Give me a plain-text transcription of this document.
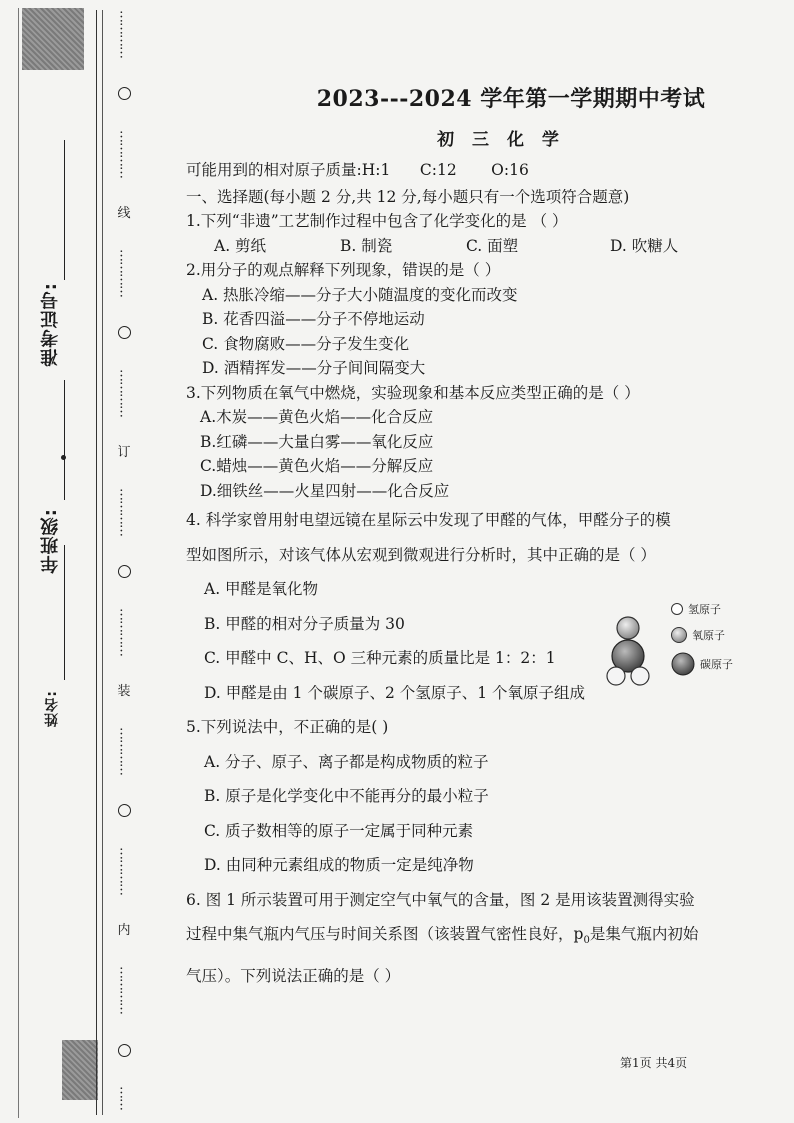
准考证号:
年班级:
姓名:
…………
…………
线
…………
…………
订
…………
…………
装
…………
…………
内
…………
……
2023---2024 学年第一学期期中考试
初 三 化 学
可能用到的相对原子质量:H:1      C:12       O:16
一、选择题(每小题 2 分,共 12 分,每小题只有一个选项符合题意)
1.下列“非遗”工艺制作过程中包含了化学变化的是 （ ）
A. 剪纸	B. 制瓷	C. 面塑	D. 吹糖人
2.用分子的观点解释下列现象，错误的是（ ）
A. 热胀冷缩——分子大小随温度的变化而改变
B. 花香四溢——分子不停地运动
C. 食物腐败——分子发生变化
D. 酒精挥发——分子间间隔变大
3.下列物质在氧气中燃烧，实验现象和基本反应类型正确的是（ ）
A.木炭——黄色火焰——化合反应
B.红磷——大量白雾——氧化反应
C.蜡烛——黄色火焰——分解反应
D.细铁丝——火星四射——化合反应
4. 科学家曾用射电望远镜在星际云中发现了甲醛的气体，甲醛分子的模
型如图所示，对该气体从宏观到微观进行分析时，其中正确的是（ ）
A. 甲醛是氧化物
B. 甲醛的相对分子质量为 30
C. 甲醛中 C、H、O 三种元素的质量比是 1：2：1
D. 甲醛是由 1 个碳原子、2 个氢原子、1 个氧原子组成
5.下列说法中，不正确的是( )
A. 分子、原子、离子都是构成物质的粒子
B. 原子是化学变化中不能再分的最小粒子
C. 质子数相等的原子一定属于同种元素
D. 由同种元素组成的物质一定是纯净物
6. 图 1 所示装置可用于测定空气中氧气的含量，图 2 是用该装置测得实验
过程中集气瓶内气压与时间关系图（该装置气密性良好，$p_0$是集气瓶内初始
气压）。下列说法正确的是（ ）
氢原子
氧原子
碳原子
第1页 共4页
